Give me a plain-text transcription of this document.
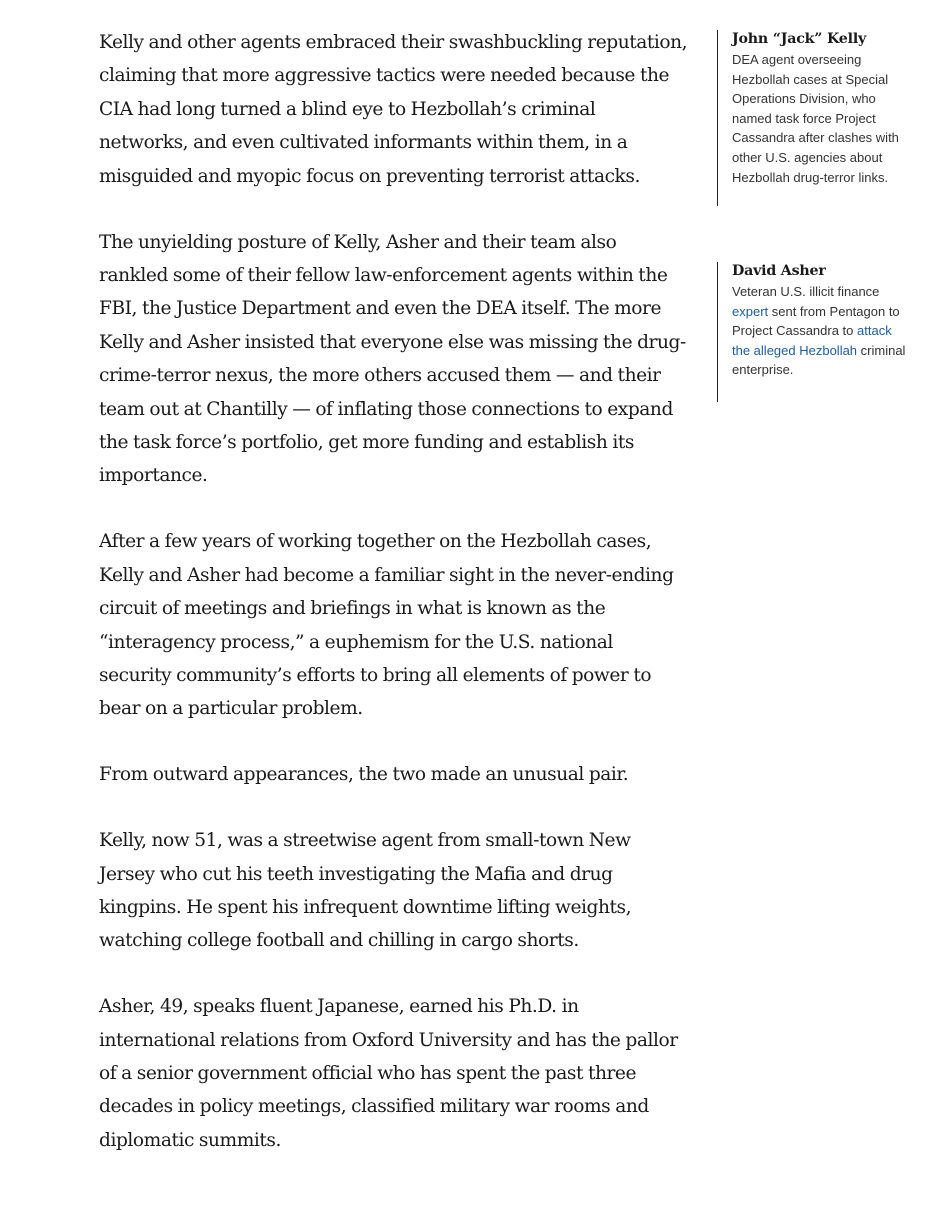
Kelly and other agents embraced their swashbuckling reputation, claiming that more aggressive tactics were needed because the CIA had long turned a blind eye to Hezbollah’s criminal networks, and even cultivated informants within them, in a misguided and myopic focus on preventing terrorist attacks.

The unyielding posture of Kelly, Asher and their team also rankled some of their fellow law-enforcement agents within the FBI, the Justice Department and even the DEA itself. The more Kelly and Asher insisted that everyone else was missing the drug-crime-terror nexus, the more others accused them — and their team out at Chantilly — of inflating those connections to expand the task force’s portfolio, get more funding and establish its importance.

After a few years of working together on the Hezbollah cases, Kelly and Asher had become a familiar sight in the never-ending circuit of meetings and briefings in what is known as the “interagency process,” a euphemism for the U.S. national security community’s efforts to bring all elements of power to bear on a particular problem.

From outward appearances, the two made an unusual pair.

Kelly, now 51, was a streetwise agent from small-town New Jersey who cut his teeth investigating the Mafia and drug kingpins. He spent his infrequent downtime lifting weights, watching college football and chilling in cargo shorts.

Asher, 49, speaks fluent Japanese, earned his Ph.D. in international relations from Oxford University and has the pallor of a senior government official who has spent the past three decades in policy meetings, classified military war rooms and diplomatic summits.

John “Jack” Kelly
DEA agent overseeing Hezbollah cases at Special Operations Division, who named task force Project Cassandra after clashes with other U.S. agencies about Hezbollah drug-terror links.
David Asher
Veteran U.S. illicit finance expert sent from Pentagon to Project Cassandra to attack the alleged Hezbollah criminal enterprise.
